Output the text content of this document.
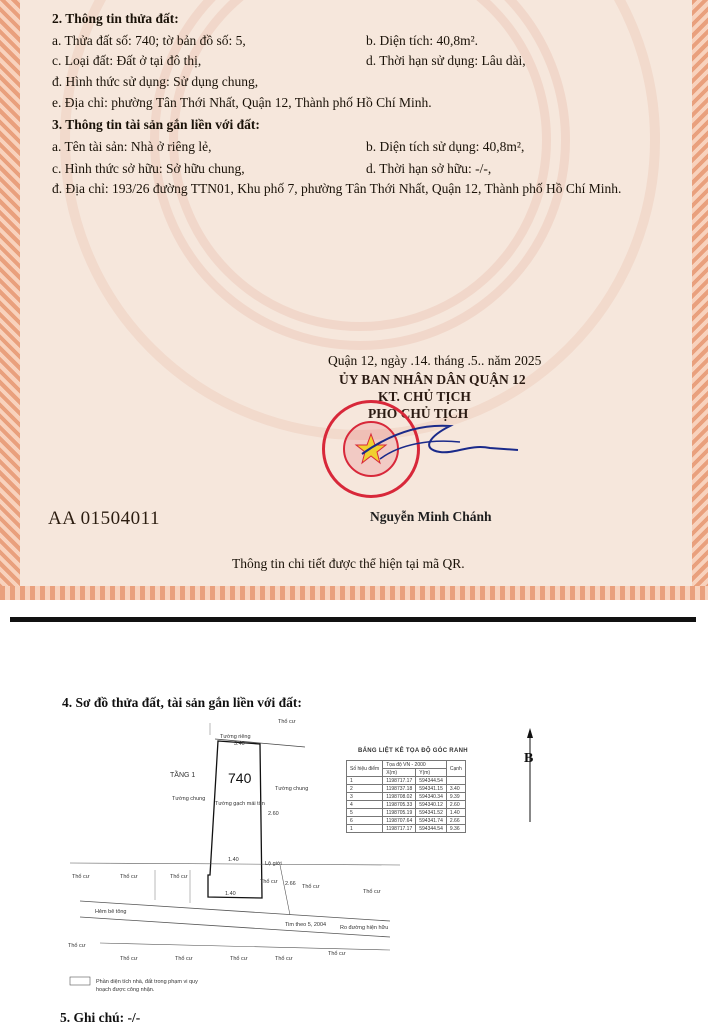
2. Thông tin thửa đất:
a. Thửa đất số: 740; tờ bản đồ số: 5,	b. Diện tích: 40,8m².
c. Loại đất: Đất ở tại đô thị,	d. Thời hạn sử dụng: Lâu dài,
đ. Hình thức sử dụng: Sử dụng chung,
e. Địa chỉ: phường Tân Thới Nhất, Quận 12, Thành phố Hồ Chí Minh.
3. Thông tin tài sản gắn liền với đất:
a. Tên tài sản: Nhà ở riêng lẻ,	b. Diện tích sử dụng: 40,8m²,
c. Hình thức sở hữu: Sở hữu chung,	d. Thời hạn sở hữu: -/-,
đ. Địa chỉ: 193/26 đường TTN01, Khu phố 7, phường Tân Thới Nhất, Quận 12, Thành phố Hồ Chí Minh.
Quận 12, ngày .14. tháng .5.. năm 2025
ỦY BAN NHÂN DÂN QUẬN 12
KT. CHỦ TỊCH
PHÓ CHỦ TỊCH
Nguyễn Minh Chánh
AA 01504011
Thông tin chi tiết được thể hiện tại mã QR.
4. Sơ đồ thửa đất, tài sản gắn liền với đất:
Thổ cư
3.40
Tường riêng
740
TẦNG 1
Tường gạch mái tôn
Tường chung
Tường chung
1.40
1.40
Lộ giới
2.66
2.60
Thổ cư	Thổ cư	Thổ cư
Thổ cư
Thổ cư
Thổ cư
Hẻm bê tông
Tim theo 5, 2004	Ro đường hiện hữu
Thổ cư
Thổ cư	Thổ cư	Thổ cư	Thổ cư
Thổ cư
Phần diện tích nhà, đất trong phạm vi quy
hoạch được công nhận.
BẢNG LIỆT KÊ TỌA ĐỘ GÓC RANH
Số hiệu điểm	Tọa độ VN - 2000		Cạnh
	X(m)	Y(m)	
1	1198717.17	594344.54	
2	1198737.18	594341.15	3.40
3	1198708.02	594340.34	9.39
4	1198705.33	594340.12	2.60
5	1198705.19	594341.52	1.40
6	1198707.64	594341.74	2.66
1	1198717.17	594344.54	9.36
B
5. Ghi chú: -/-
